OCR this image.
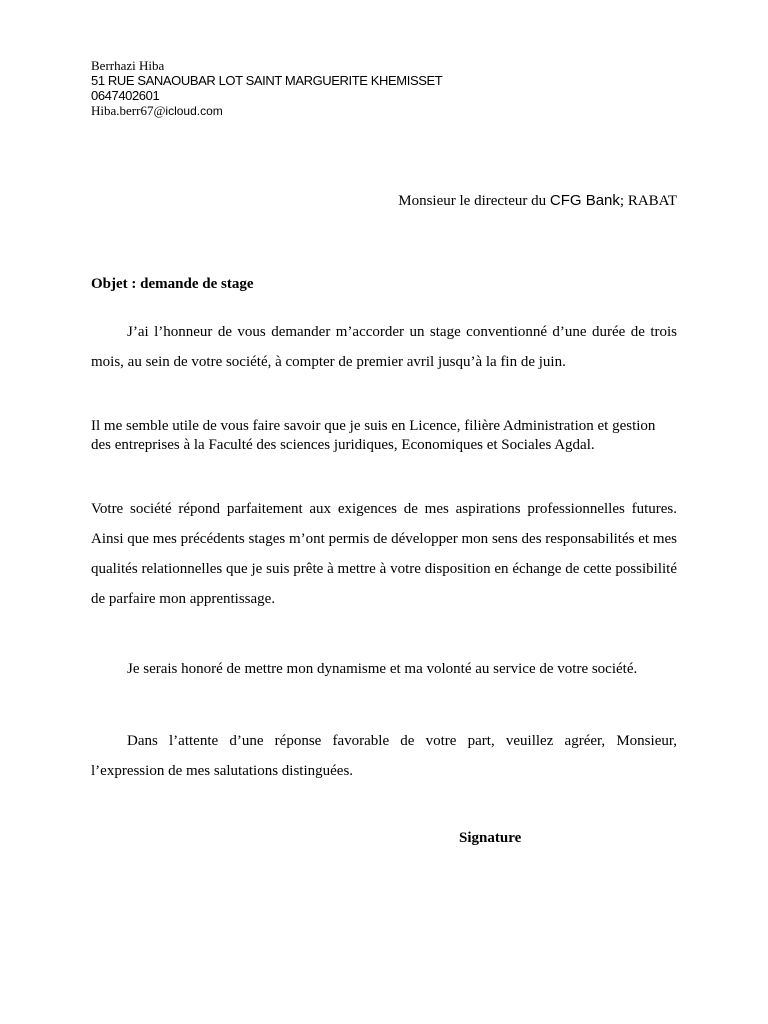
Berrhazi Hiba
51 RUE SANAOUBAR LOT SAINT MARGUERITE KHEMISSET
0647402601
Hiba.berr67@icloud.com
Monsieur le directeur du CFG Bank; RABAT
Objet : demande de stage
J’ai l’honneur de vous demander m’accorder un stage conventionné d’une durée de trois mois, au sein de votre société, à compter de premier avril jusqu’à la fin de juin.
Il me semble utile de vous faire savoir que je suis en Licence, filière Administration et gestion des entreprises à la Faculté des sciences juridiques, Economiques et Sociales Agdal.
Votre société répond parfaitement aux exigences de mes aspirations professionnelles futures. Ainsi que mes précédents stages m’ont permis de développer mon sens des responsabilités et mes qualités relationnelles que je suis prête à mettre à votre disposition en échange de cette possibilité de parfaire mon apprentissage.
Je serais honoré de mettre mon dynamisme et ma volonté au service de votre société.
Dans l’attente d’une réponse favorable de votre part, veuillez agréer, Monsieur, l’expression de mes salutations distinguées.
Signature
